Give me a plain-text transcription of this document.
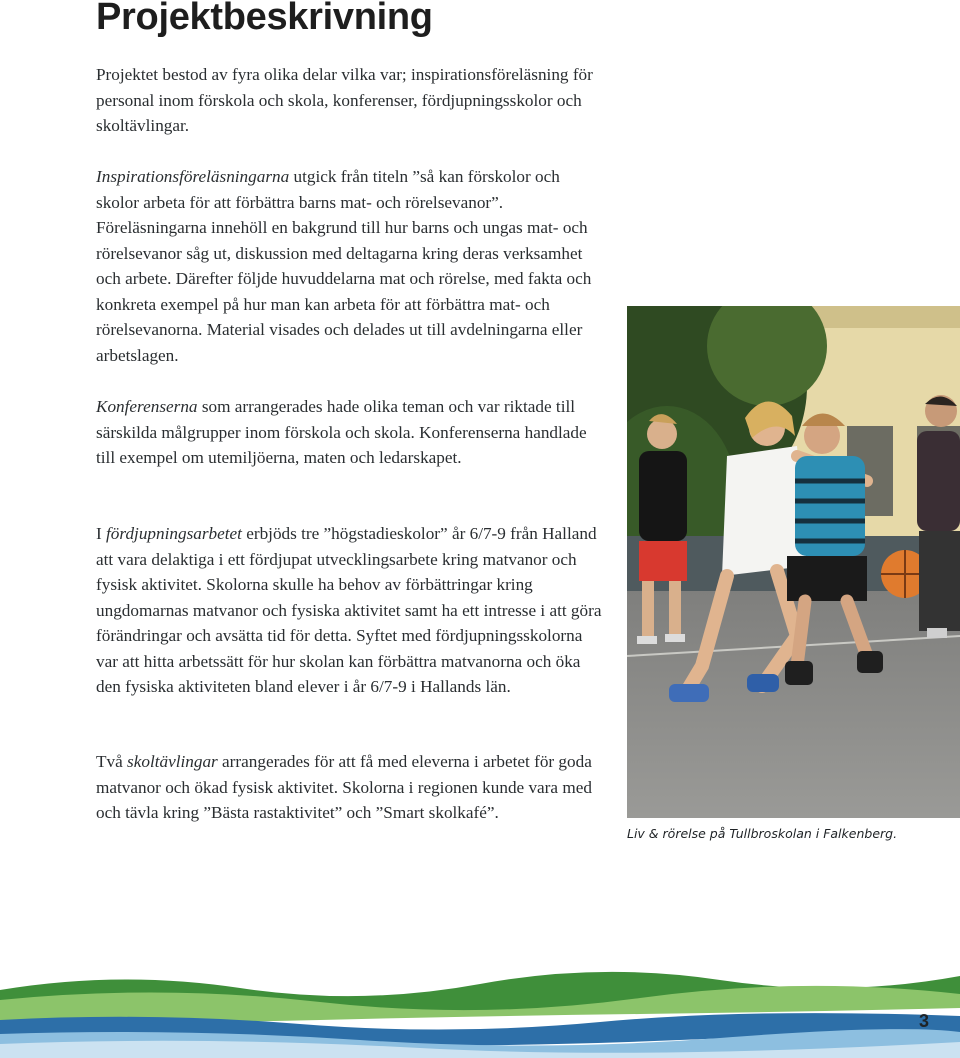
Projektbeskrivning

Projektet bestod av fyra olika delar vilka var; inspirationsföreläsning för personal inom förskola och skola, konferenser, fördjupningsskolor och skoltävlingar.

Inspirationsföreläsningarna utgick från titeln ”så kan förskolor och skolor arbeta för att förbättra barns mat- och rörelsevanor”. Föreläsningarna innehöll en bakgrund till hur barns och ungas mat- och rörelsevanor såg ut, diskussion med deltagarna kring deras verksamhet och arbete. Därefter följde huvuddelarna mat och rörelse, med fakta och konkreta exempel på hur man kan arbeta för att förbättra mat- och rörelsevanorna. Material visades och delades ut till avdelningarna eller arbetslagen.

Konferenserna som arrangerades hade olika teman och var riktade till särskilda målgrupper inom förskola och skola. Konferenserna handlade till exempel om utemiljöerna, maten och ledarskapet.

I fördjupningsarbetet erbjöds tre ”högstadieskolor” år 6/7-9 från Halland att vara delaktiga i ett fördjupat utvecklingsarbete kring matvanor och fysisk aktivitet. Skolorna skulle ha behov av förbättringar kring ungdomarnas matvanor och fysiska aktivitet samt ha ett intresse i att göra förändringar och avsätta tid för detta. Syftet med fördjupningsskolorna var att hitta arbetssätt för hur skolan kan förbättra matvanorna och öka den fysiska aktiviteten bland elever i år 6/7-9 i Hallands län.

Två skoltävlingar arrangerades för att få med eleverna i arbetet för goda matvanor och ökad fysisk aktivitet. Skolorna i regionen kunde vara med och tävla kring ”Bästa rastaktivitet” och ”Smart skolkafé”.

Liv & rörelse på Tullbroskolan i Falkenberg.

3
